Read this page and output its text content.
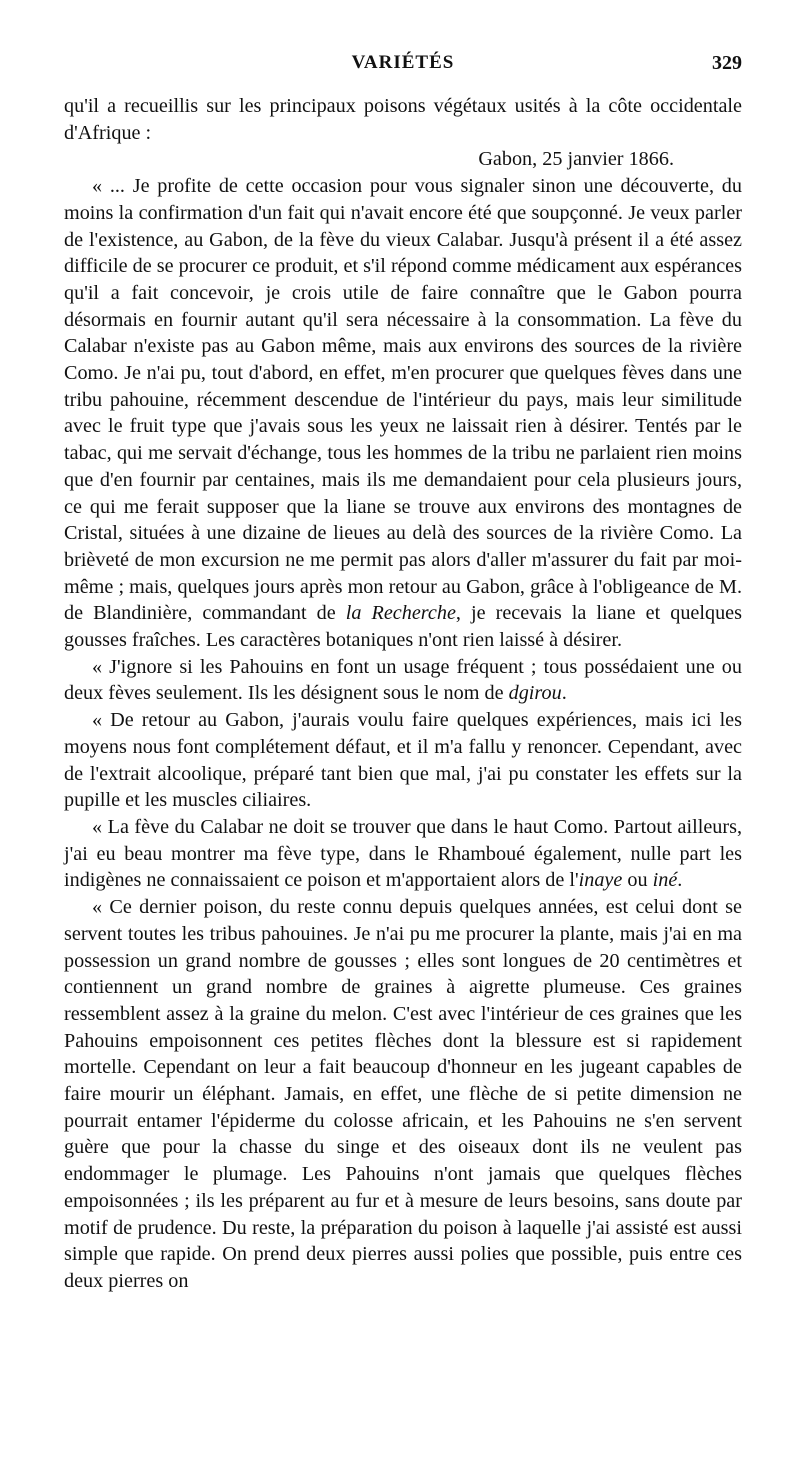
VARIÉTÉS	329

qu'il a recueillis sur les principaux poisons végétaux usités à la côte occidentale d'Afrique :

Gabon, 25 janvier 1866.

« ... Je profite de cette occasion pour vous signaler sinon une découverte, du moins la confirmation d'un fait qui n'avait encore été que soupçonné. Je veux parler de l'existence, au Gabon, de la fève du vieux Calabar. Jusqu'à présent il a été assez difficile de se procurer ce produit, et s'il répond comme médicament aux espérances qu'il a fait concevoir, je crois utile de faire connaître que le Gabon pourra désormais en fournir autant qu'il sera nécessaire à la consommation. La fève du Calabar n'existe pas au Gabon même, mais aux environs des sources de la rivière Como. Je n'ai pu, tout d'abord, en effet, m'en procurer que quelques fèves dans une tribu pahouine, récemment descendue de l'intérieur du pays, mais leur similitude avec le fruit type que j'avais sous les yeux ne laissait rien à désirer. Tentés par le tabac, qui me servait d'échange, tous les hommes de la tribu ne parlaient rien moins que d'en fournir par centaines, mais ils me demandaient pour cela plusieurs jours, ce qui me ferait supposer que la liane se trouve aux environs des montagnes de Cristal, situées à une dizaine de lieues au delà des sources de la rivière Como. La brièveté de mon excursion ne me permit pas alors d'aller m'assurer du fait par moi-même ; mais, quelques jours après mon retour au Gabon, grâce à l'obligeance de M. de Blandinière, commandant de la Recherche, je recevais la liane et quelques gousses fraîches. Les caractères botaniques n'ont rien laissé à désirer.

« J'ignore si les Pahouins en font un usage fréquent ; tous possédaient une ou deux fèves seulement. Ils les désignent sous le nom de dgirou.

« De retour au Gabon, j'aurais voulu faire quelques expériences, mais ici les moyens nous font complétement défaut, et il m'a fallu y renoncer. Cependant, avec de l'extrait alcoolique, préparé tant bien que mal, j'ai pu constater les effets sur la pupille et les muscles ciliaires.

« La fève du Calabar ne doit se trouver que dans le haut Como. Partout ailleurs, j'ai eu beau montrer ma fève type, dans le Rhamboué également, nulle part les indigènes ne connaissaient ce poison et m'apportaient alors de l'inaye ou iné.

« Ce dernier poison, du reste connu depuis quelques années, est celui dont se servent toutes les tribus pahouines. Je n'ai pu me procurer la plante, mais j'ai en ma possession un grand nombre de gousses ; elles sont longues de 20 centimètres et contiennent un grand nombre de graines à aigrette plumeuse. Ces graines ressemblent assez à la graine du melon. C'est avec l'intérieur de ces graines que les Pahouins empoisonnent ces petites flèches dont la blessure est si rapidement mortelle. Cependant on leur a fait beaucoup d'honneur en les jugeant capables de faire mourir un éléphant. Jamais, en effet, une flèche de si petite dimension ne pourrait entamer l'épiderme du colosse africain, et les Pahouins ne s'en servent guère que pour la chasse du singe et des oiseaux dont ils ne veulent pas endommager le plumage. Les Pahouins n'ont jamais que quelques flèches empoisonnées ; ils les préparent au fur et à mesure de leurs besoins, sans doute par motif de prudence. Du reste, la préparation du poison à laquelle j'ai assisté est aussi simple que rapide. On prend deux pierres aussi polies que possible, puis entre ces deux pierres on
